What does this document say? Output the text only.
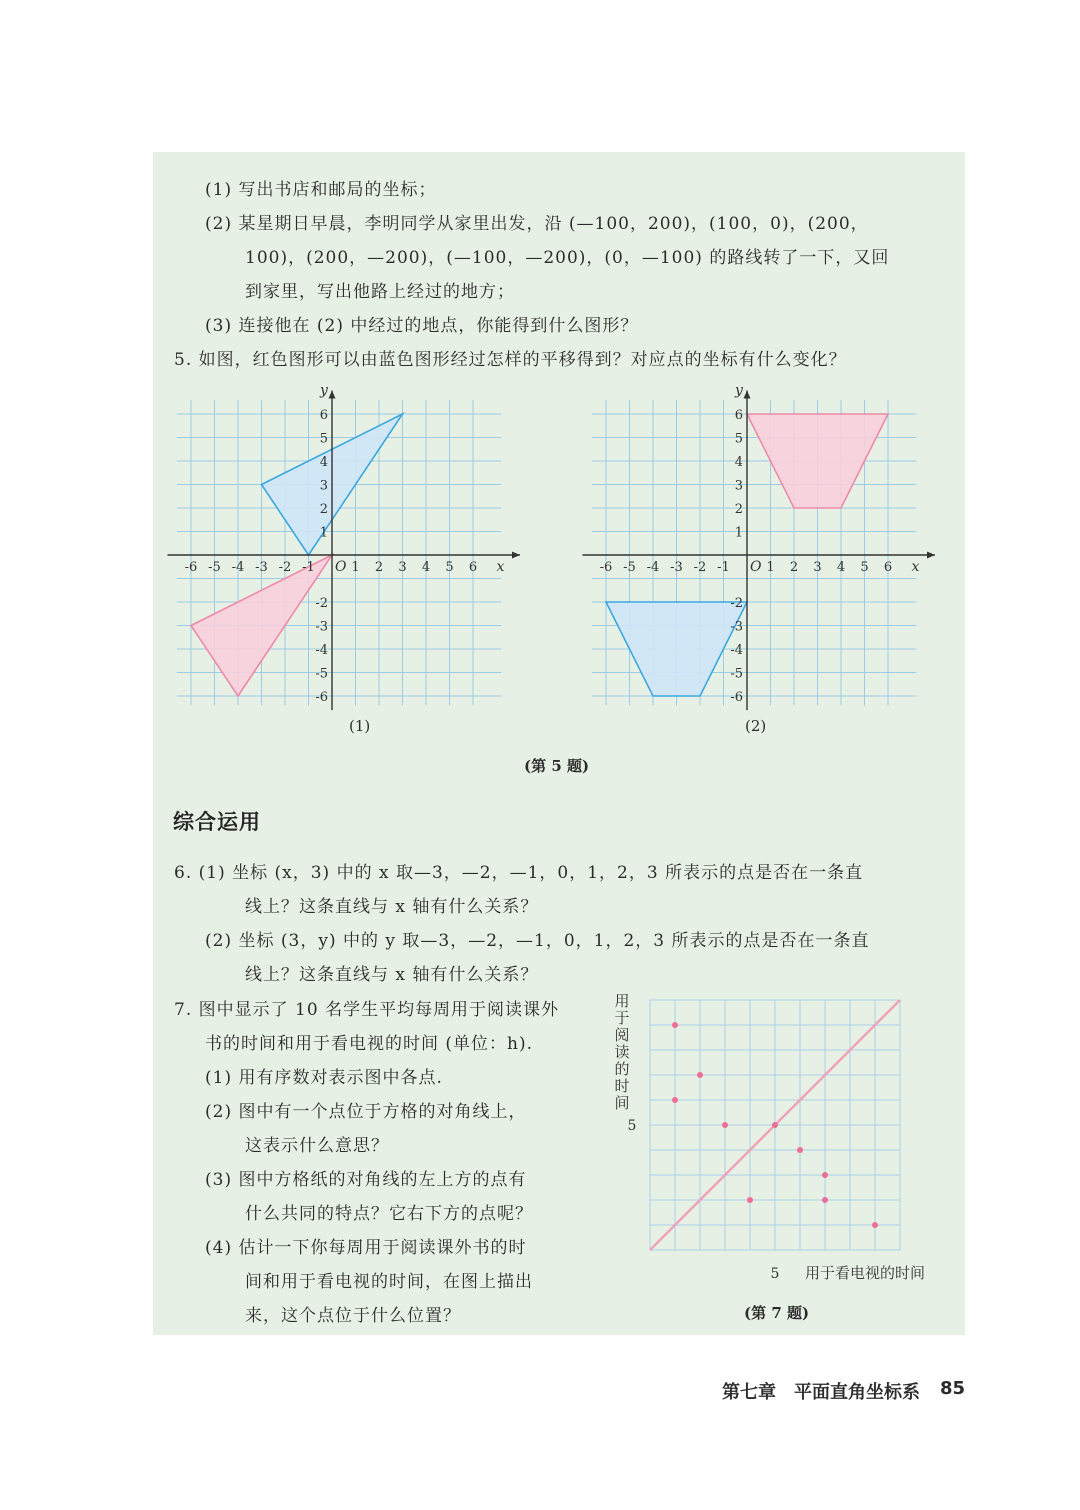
(1) 写出书店和邮局的坐标；
(2) 某星期日早晨，李明同学从家里出发，沿 (—100，200)，(100，0)，(200，
100)，(200，—200)，(—100，—200)，(0，—100) 的路线转了一下，又回
到家里，写出他路上经过的地方；
(3) 连接他在 (2) 中经过的地点，你能得到什么图形？
5. 如图，红色图形可以由蓝色图形经过怎样的平移得到？对应点的坐标有什么变化？
-6 -5 -4 -3 -2 -1	1 2 3 4 5 6
6
5
4
3
2
1
-2
-3
-4
-5
-6
O	x
y
-6 -5 -4 -3 -2 -1	1 2 3 4 5 6
6
5
4
3
2
1
-2
-3
-4
-5
-6
O	x
y
(1)	(2)
(第 5 题)
综合运用
6. (1) 坐标 (x，3) 中的 x 取—3，—2，—1，0，1，2，3 所表示的点是否在一条直
线上？这条直线与 x 轴有什么关系？
(2) 坐标 (3，y) 中的 y 取—3，—2，—1，0，1，2，3 所表示的点是否在一条直
线上？这条直线与 x 轴有什么关系？
7. 图中显示了 10 名学生平均每周用于阅读课外
书的时间和用于看电视的时间 (单位：h).
(1) 用有序数对表示图中各点.
(2) 图中有一个点位于方格的对角线上，
这表示什么意思？
(3) 图中方格纸的对角线的左上方的点有
什么共同的特点？它右下方的点呢？
(4) 估计一下你每周用于阅读课外书的时
间和用于看电视的时间，在图上描出
来，这个点位于什么位置？
用
于
阅
读
的
时
间
5
5 用于看电视的时间
(第 7 题)
第七章　平面直角坐标系 85
